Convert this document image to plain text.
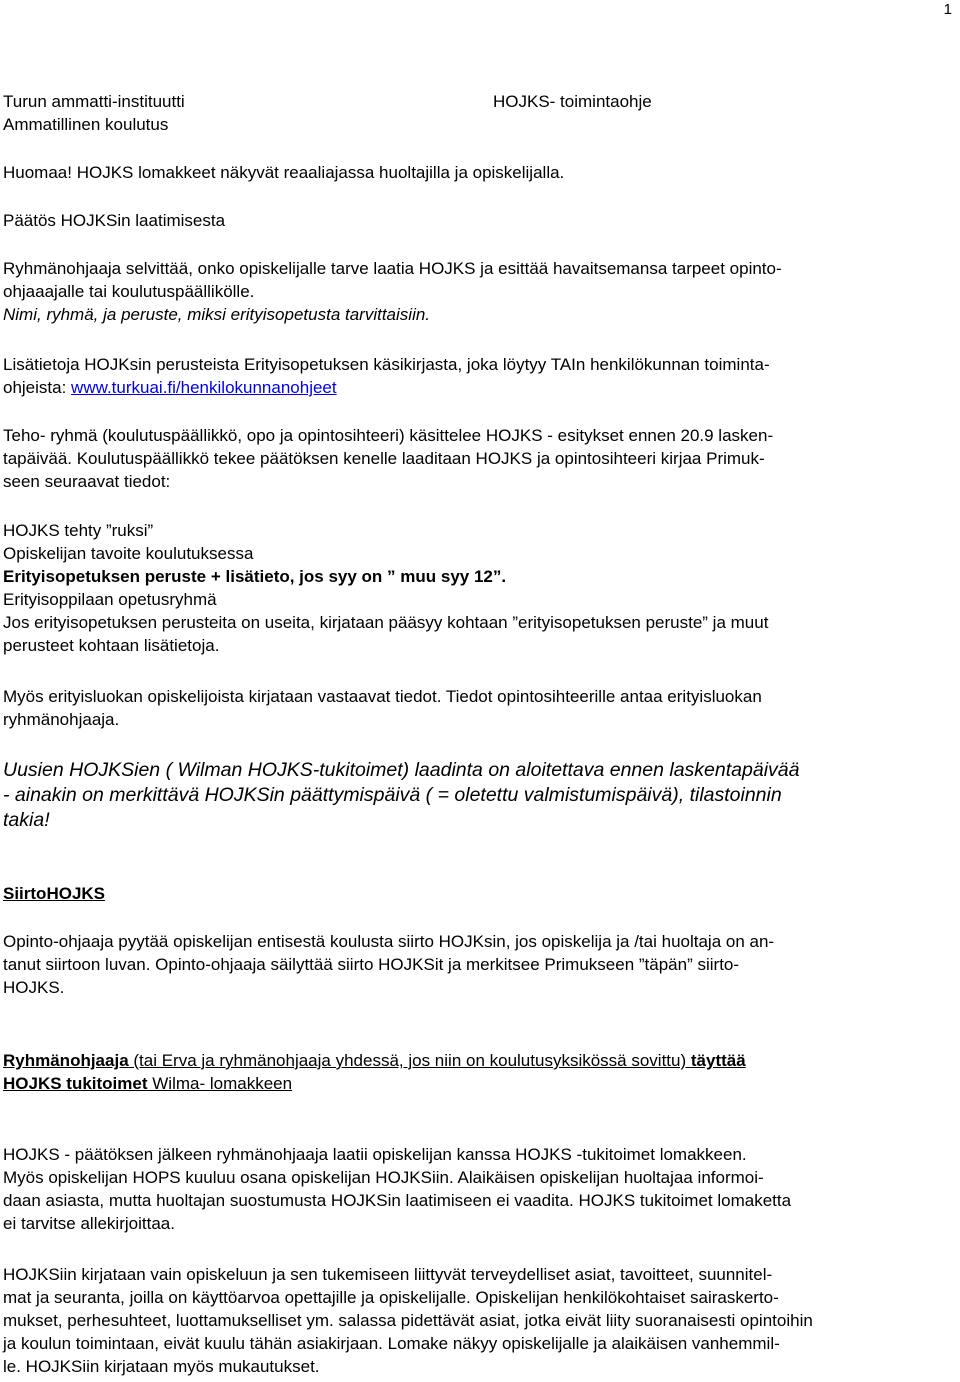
1

Turun ammatti-instituutti

Ammatillinen koulutus

HOJKS- toimintaohje

Huomaa! HOJKS lomakkeet näkyvät reaaliajassa huoltajilla ja opiskelijalla.

Päätös HOJKSin laatimisesta

Ryhmänohjaaja selvittää, onko opiskelijalle tarve laatia HOJKS ja esittää havaitsemansa tarpeet opinto-

ohjaaajalle tai koulutuspäällikölle.

Nimi, ryhmä, ja peruste, miksi erityisopetusta tarvittaisiin.

Lisätietoja HOJKsin perusteista Erityisopetuksen käsikirjasta, joka löytyy TAIn henkilökunnan toiminta-

ohjeista: www.turkuai.fi/henkilokunnanohjeet

Teho- ryhmä (koulutuspäällikkö, opo ja opintosihteeri) käsittelee HOJKS - esitykset ennen 20.9 lasken-

tapäivää. Koulutuspäällikkö tekee päätöksen kenelle laaditaan HOJKS ja opintosihteeri kirjaa Primuk-

seen seuraavat tiedot:

HOJKS tehty ”ruksi”

Opiskelijan tavoite koulutuksessa

Erityisopetuksen peruste + lisätieto, jos syy on ” muu syy 12”.

Erityisoppilaan opetusryhmä

Jos erityisopetuksen perusteita on useita, kirjataan pääsyy kohtaan ”erityisopetuksen peruste” ja muut

perusteet kohtaan lisätietoja.

Myös erityisluokan opiskelijoista kirjataan vastaavat tiedot. Tiedot opintosihteerille antaa erityisluokan

ryhmänohjaaja.

Uusien HOJKSien ( Wilman HOJKS-tukitoimet) laadinta on aloitettava ennen laskentapäivää

- ainakin on merkittävä HOJKSin päättymispäivä ( = oletettu valmistumispäivä), tilastoinnin

takia!

SiirtoHOJKS

Opinto-ohjaaja pyytää opiskelijan entisestä koulusta siirto HOJKsin, jos opiskelija ja /tai huoltaja on an-

tanut siirtoon luvan. Opinto-ohjaaja säilyttää siirto HOJKSit ja merkitsee Primukseen ”täpän” siirto-

HOJKS.

Ryhmänohjaaja (tai Erva ja ryhmänohjaaja yhdessä, jos niin on koulutusyksikössä sovittu) täyttää

HOJKS tukitoimet Wilma- lomakkeen

HOJKS - päätöksen jälkeen ryhmänohjaaja laatii opiskelijan kanssa HOJKS -tukitoimet lomakkeen.

Myös opiskelijan HOPS kuuluu osana opiskelijan HOJKSiin. Alaikäisen opiskelijan huoltajaa informoi-

daan asiasta, mutta huoltajan suostumusta HOJKSin laatimiseen ei vaadita. HOJKS tukitoimet lomaketta

ei tarvitse allekirjoittaa.

HOJKSiin kirjataan vain opiskeluun ja sen tukemiseen liittyvät terveydelliset asiat, tavoitteet, suunnitel-

mat ja seuranta, joilla on käyttöarvoa opettajille ja opiskelijalle. Opiskelijan henkilökohtaiset sairaskerto-

mukset, perhesuhteet, luottamukselliset ym. salassa pidettävät asiat, jotka eivät liity suoranaisesti opintoihin

ja koulun toimintaan, eivät kuulu tähän asiakirjaan. Lomake näkyy opiskelijalle ja alaikäisen vanhemmil-

le. HOJKSiin kirjataan myös mukautukset.
